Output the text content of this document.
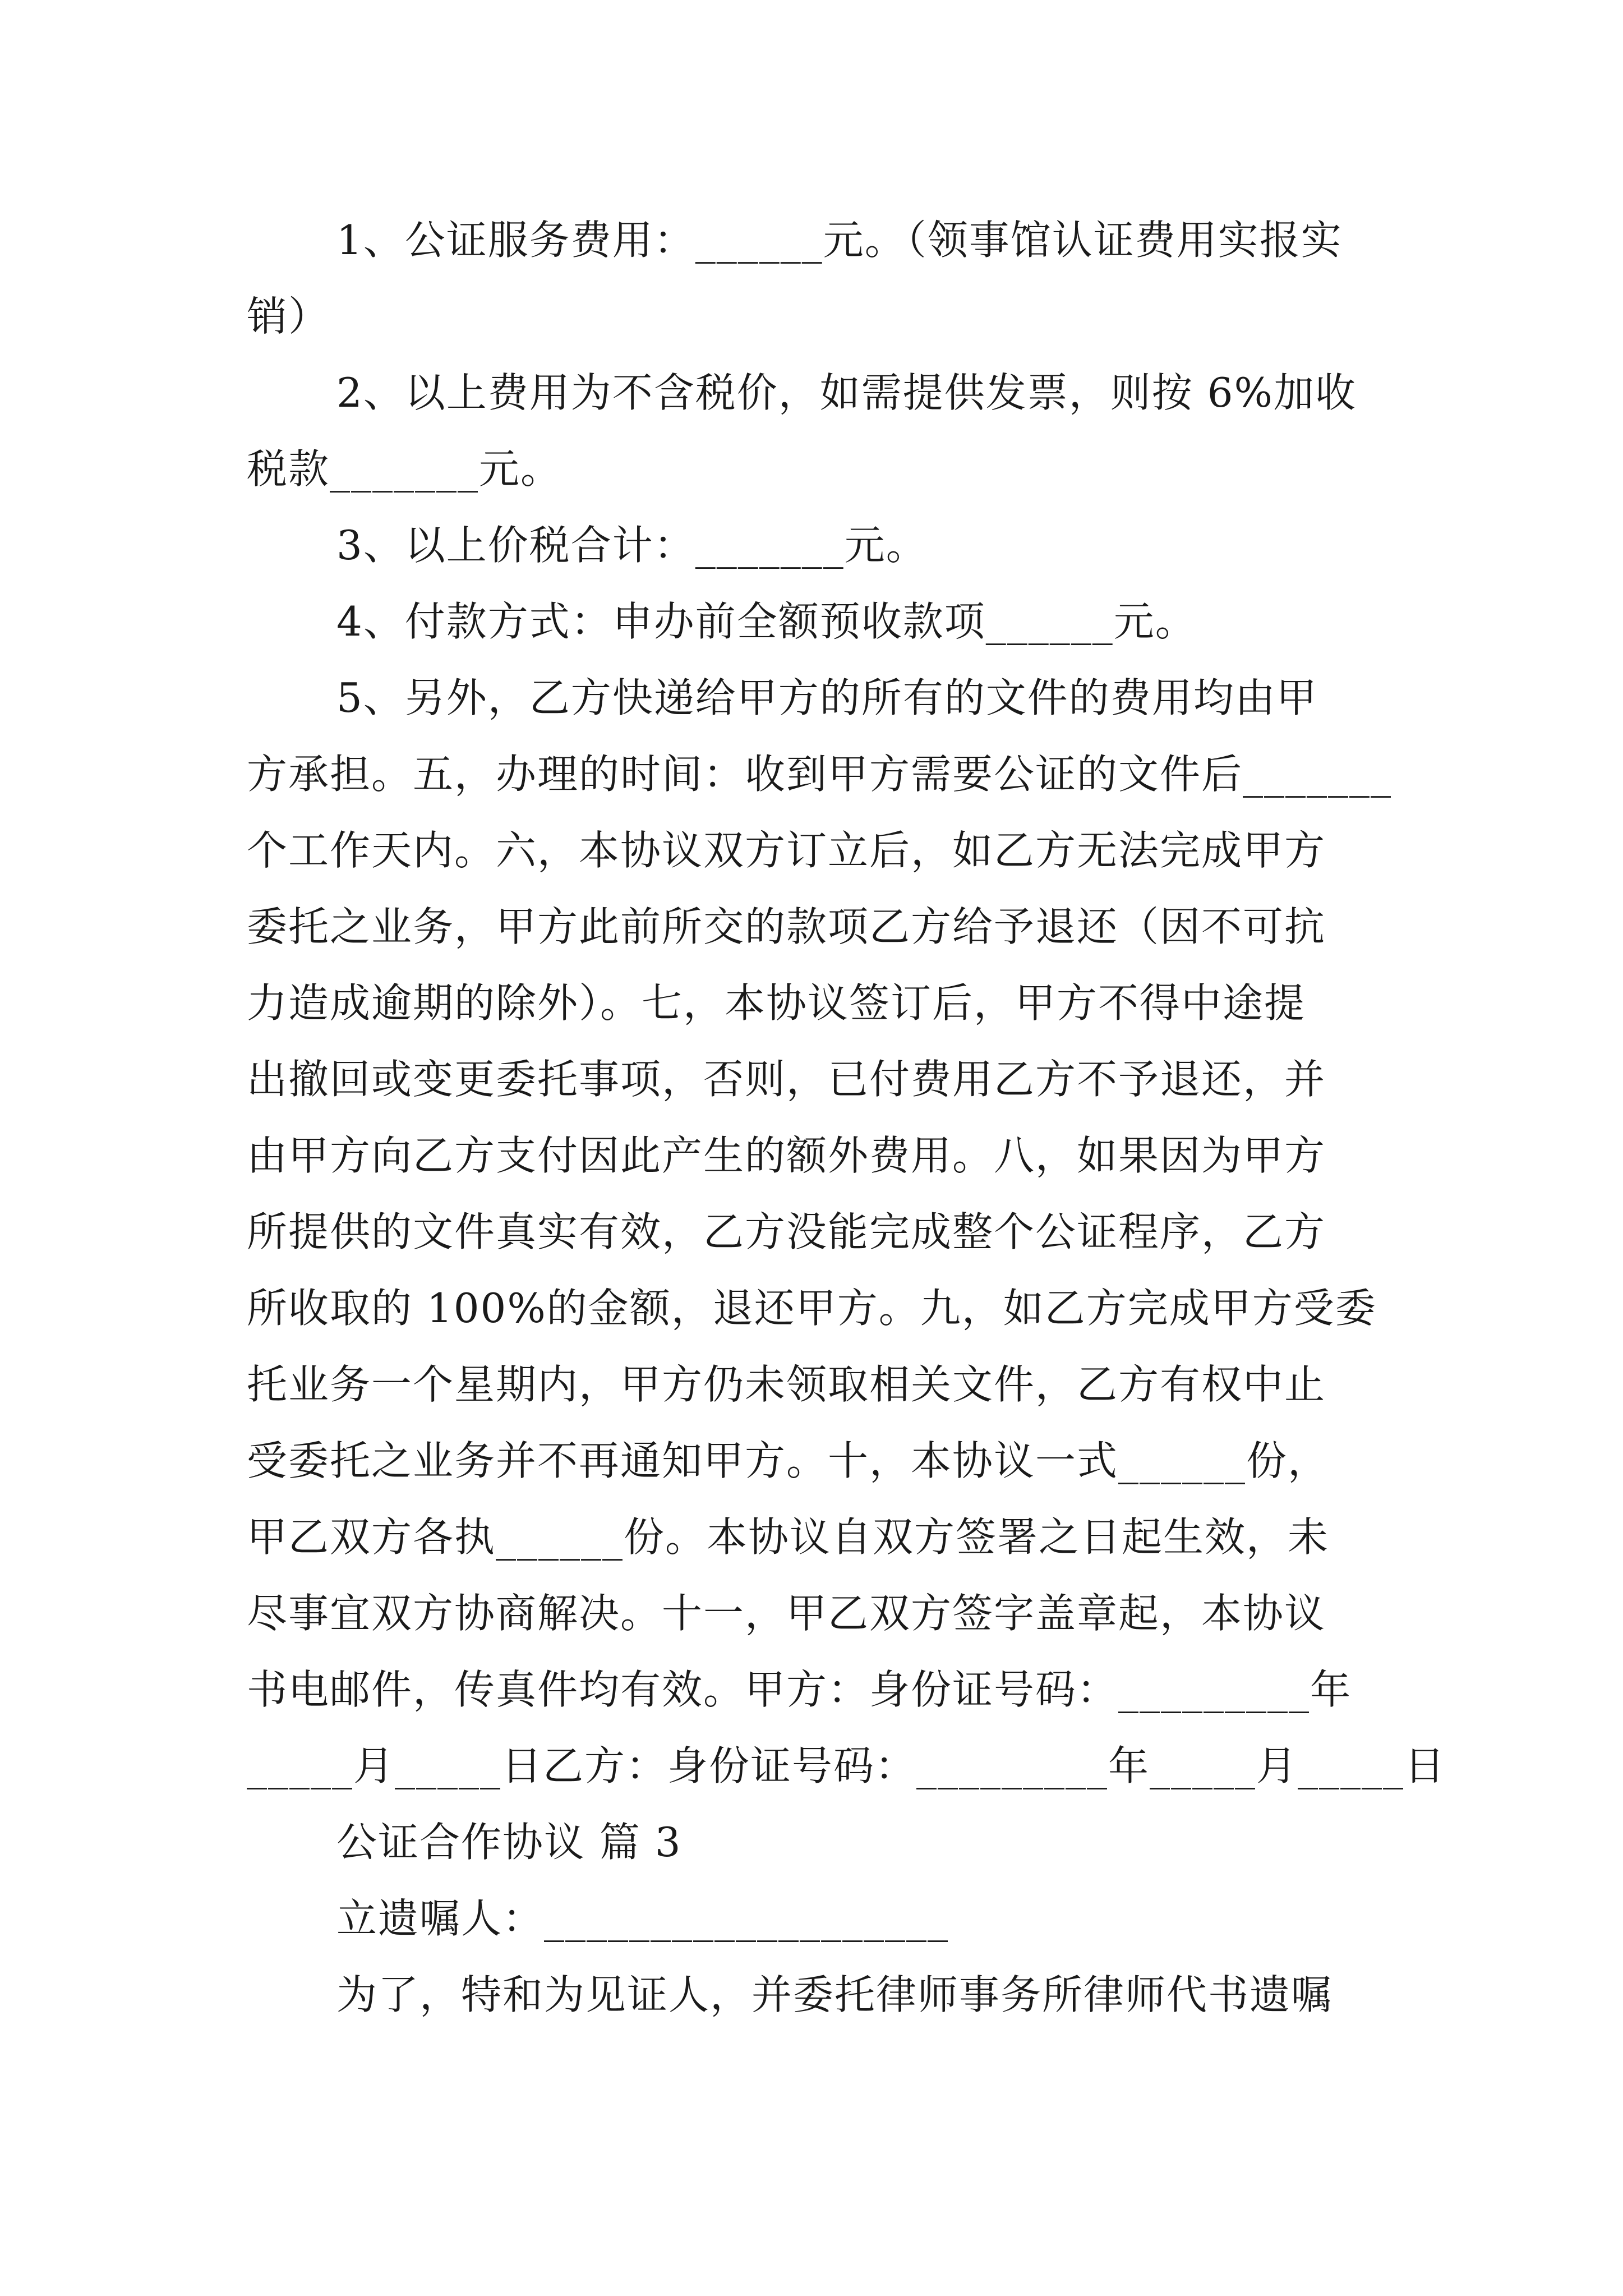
1、公证服务费用：______元。（领事馆认证费用实报实
销）
2、以上费用为不含税价，如需提供发票，则按 6%加收
税款_______元。
3、以上价税合计：_______元。
4、付款方式：申办前全额预收款项______元。
5、另外，乙方快递给甲方的所有的文件的费用均由甲
方承担。五，办理的时间：收到甲方需要公证的文件后_______
个工作天内。六，本协议双方订立后，如乙方无法完成甲方
委托之业务，甲方此前所交的款项乙方给予退还（因不可抗
力造成逾期的除外）。七，本协议签订后，甲方不得中途提
出撤回或变更委托事项，否则，已付费用乙方不予退还，并
由甲方向乙方支付因此产生的额外费用。八，如果因为甲方
所提供的文件真实有效，乙方没能完成整个公证程序，乙方
所收取的 100%的金额，退还甲方。九，如乙方完成甲方受委
托业务一个星期内，甲方仍未领取相关文件，乙方有权中止
受委托之业务并不再通知甲方。十，本协议一式______份，
甲乙双方各执______份。本协议自双方签署之日起生效，未
尽事宜双方协商解决。十一，甲乙双方签字盖章起，本协议
书电邮件，传真件均有效。甲方：身份证号码：_________年
_____月_____日乙方：身份证号码：_________年_____月_____日
公证合作协议 篇 3
立遗嘱人：___________________
为了，特和为见证人，并委托律师事务所律师代书遗嘱
